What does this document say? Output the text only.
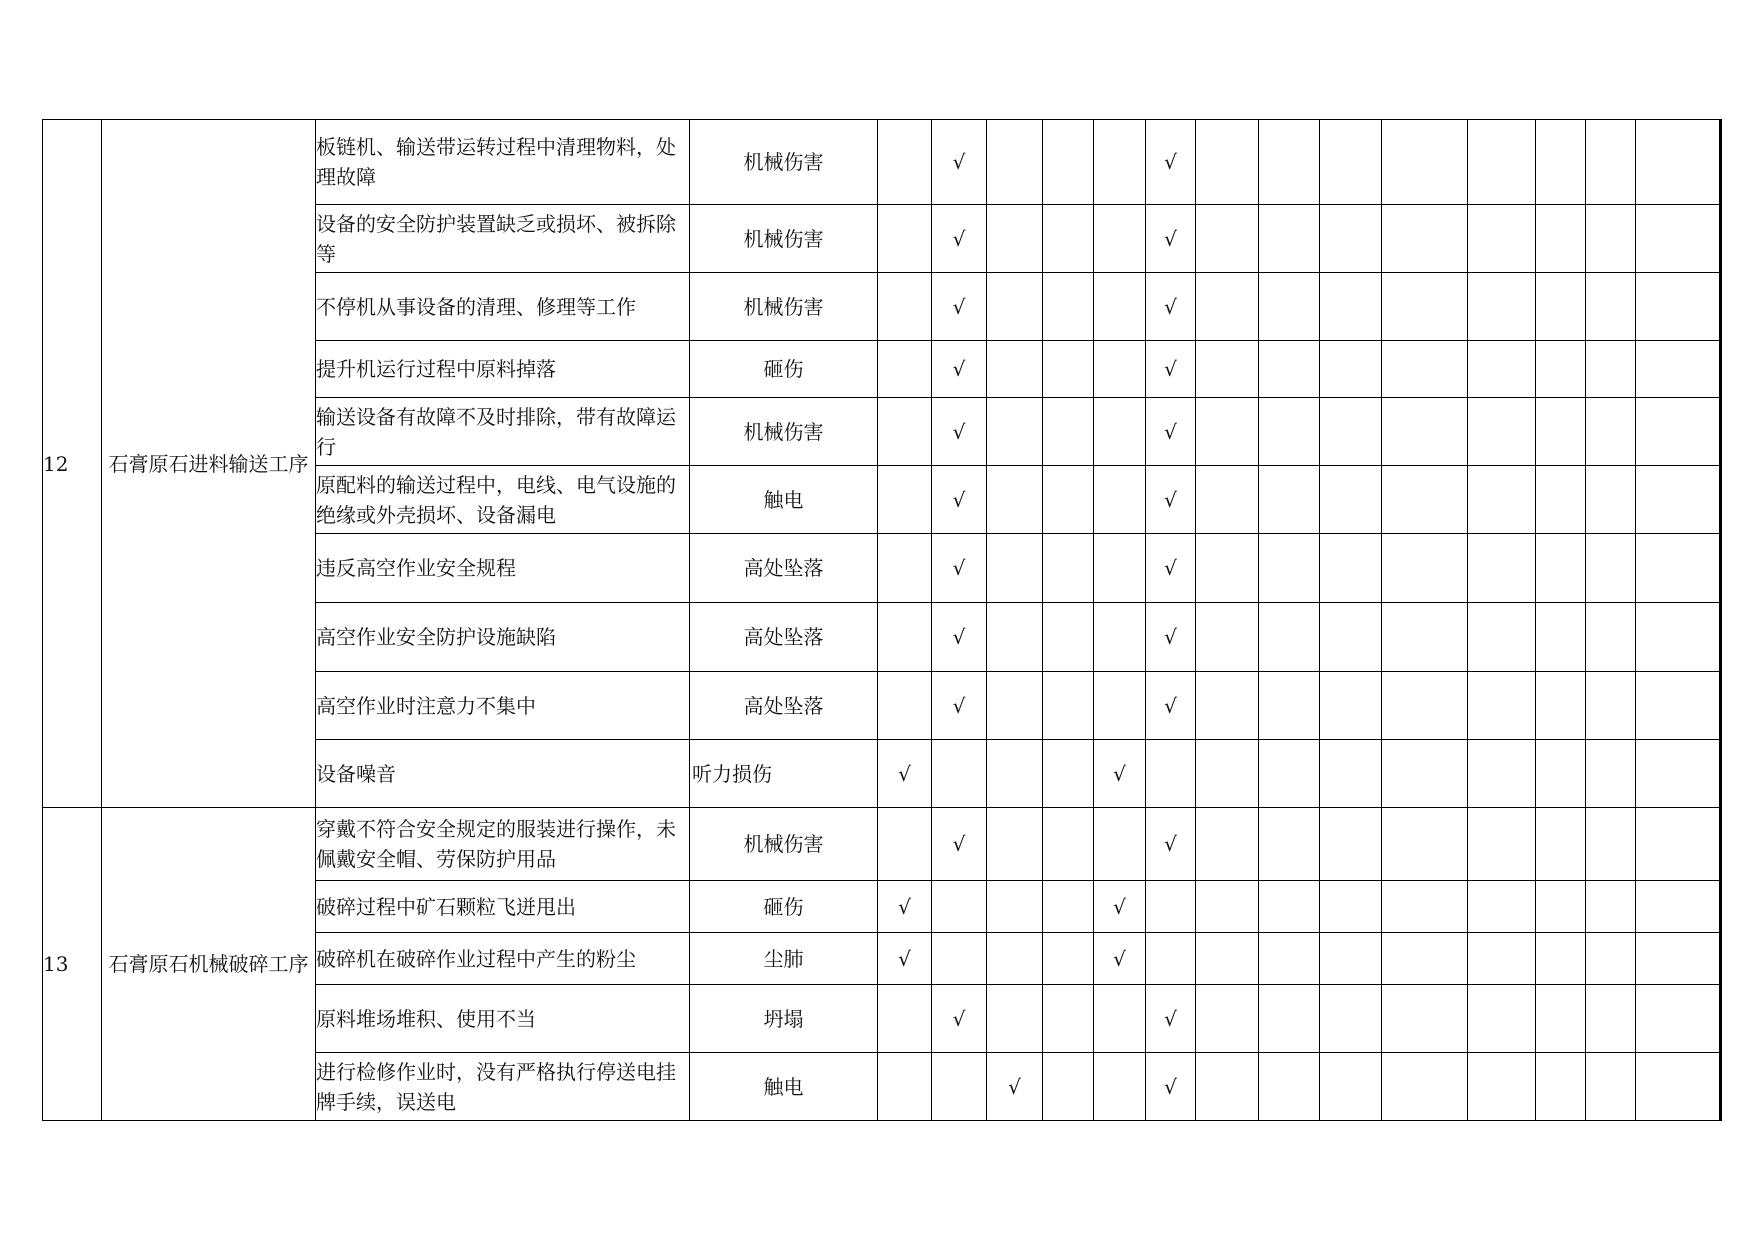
12	石膏原石进料输送工序	板链机、输送带运转过程中清理物料，处理故障	机械伤害		√				√										
		设备的安全防护装置缺乏或损坏、被拆除等	机械伤害		√				√										
		不停机从事设备的清理、修理等工作	机械伤害		√				√										
		提升机运行过程中原料掉落	砸伤		√				√										
		输送设备有故障不及时排除，带有故障运行	机械伤害		√				√										
		原配料的输送过程中，电线、电气设施的绝缘或外壳损坏、设备漏电	触电		√				√										
		违反高空作业安全规程	高处坠落		√				√										
		高空作业安全防护设施缺陷	高处坠落		√				√										
		高空作业时注意力不集中	高处坠落		√				√										
		设备噪音	听力损伤	√				√											
13	石膏原石机械破碎工序	穿戴不符合安全规定的服装进行操作，未佩戴安全帽、劳保防护用品	机械伤害		√				√										
		破碎过程中矿石颗粒飞迸甩出	砸伤	√				√											
		破碎机在破碎作业过程中产生的粉尘	尘肺	√				√											
		原料堆场堆积、使用不当	坍塌		√				√										
		进行检修作业时，没有严格执行停送电挂牌手续，误送电	触电			√			√										
